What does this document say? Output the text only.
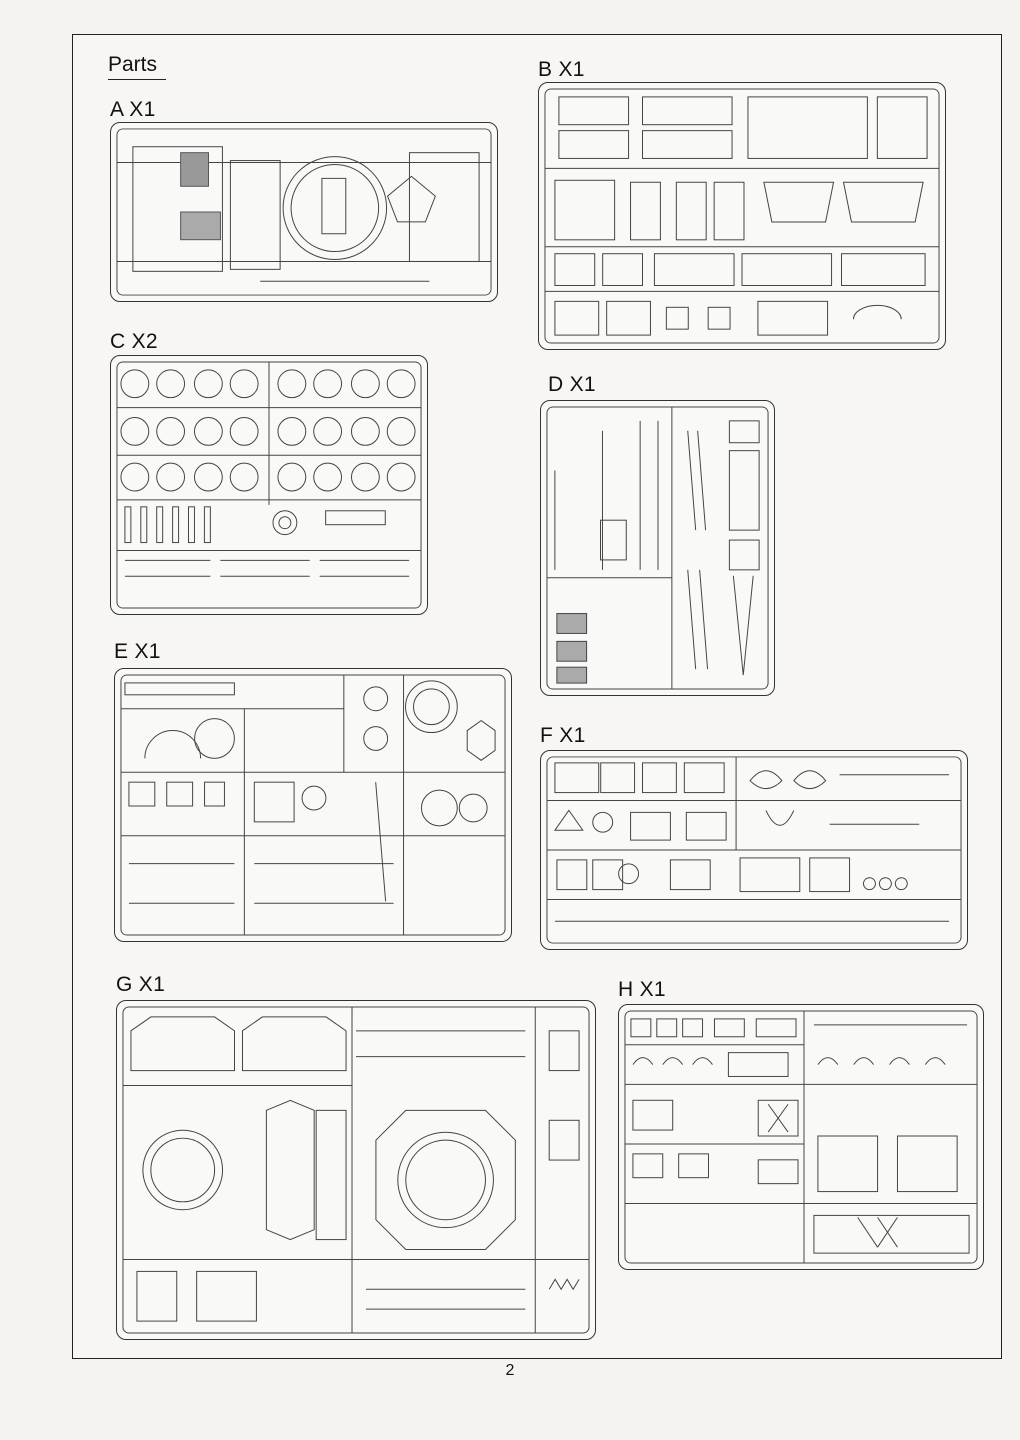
Parts
A X1
B X1
C X2
D X1
E X1
F X1
G X1	H X1
2
